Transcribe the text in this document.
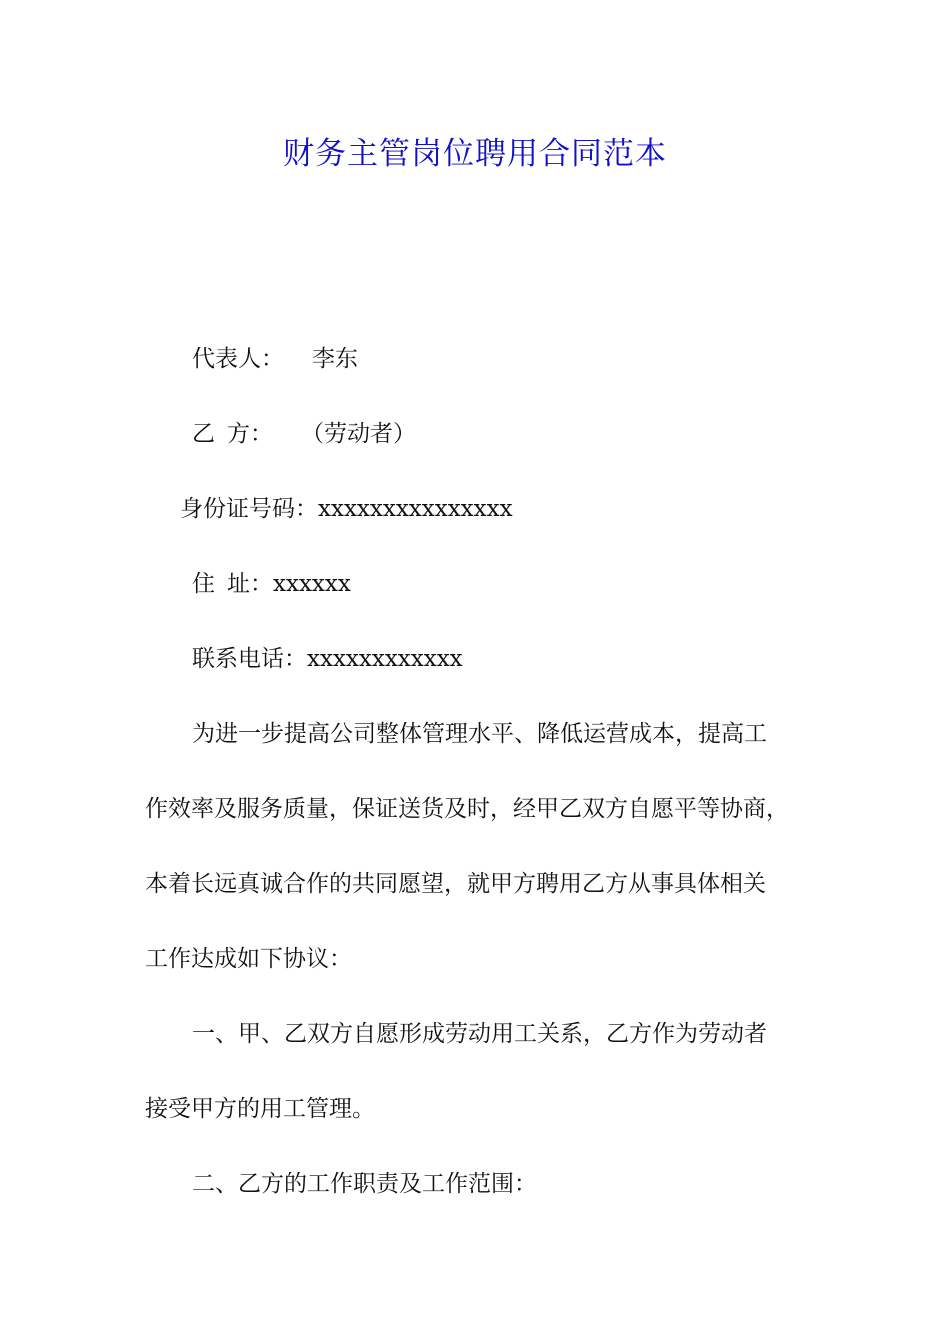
财务主管岗位聘用合同范本
代表人： 李东
乙 方： （劳动者）
身份证号码：xxxxxxxxxxxxxxx
住 址：xxxxxx
联系电话：xxxxxxxxxxxx
为进一步提高公司整体管理水平、降低运营成本，提高工
作效率及服务质量，保证送货及时，经甲乙双方自愿平等协商，
本着长远真诚合作的共同愿望，就甲方聘用乙方从事具体相关
工作达成如下协议：
一、甲、乙双方自愿形成劳动用工关系，乙方作为劳动者
接受甲方的用工管理。
二、乙方的工作职责及工作范围：
